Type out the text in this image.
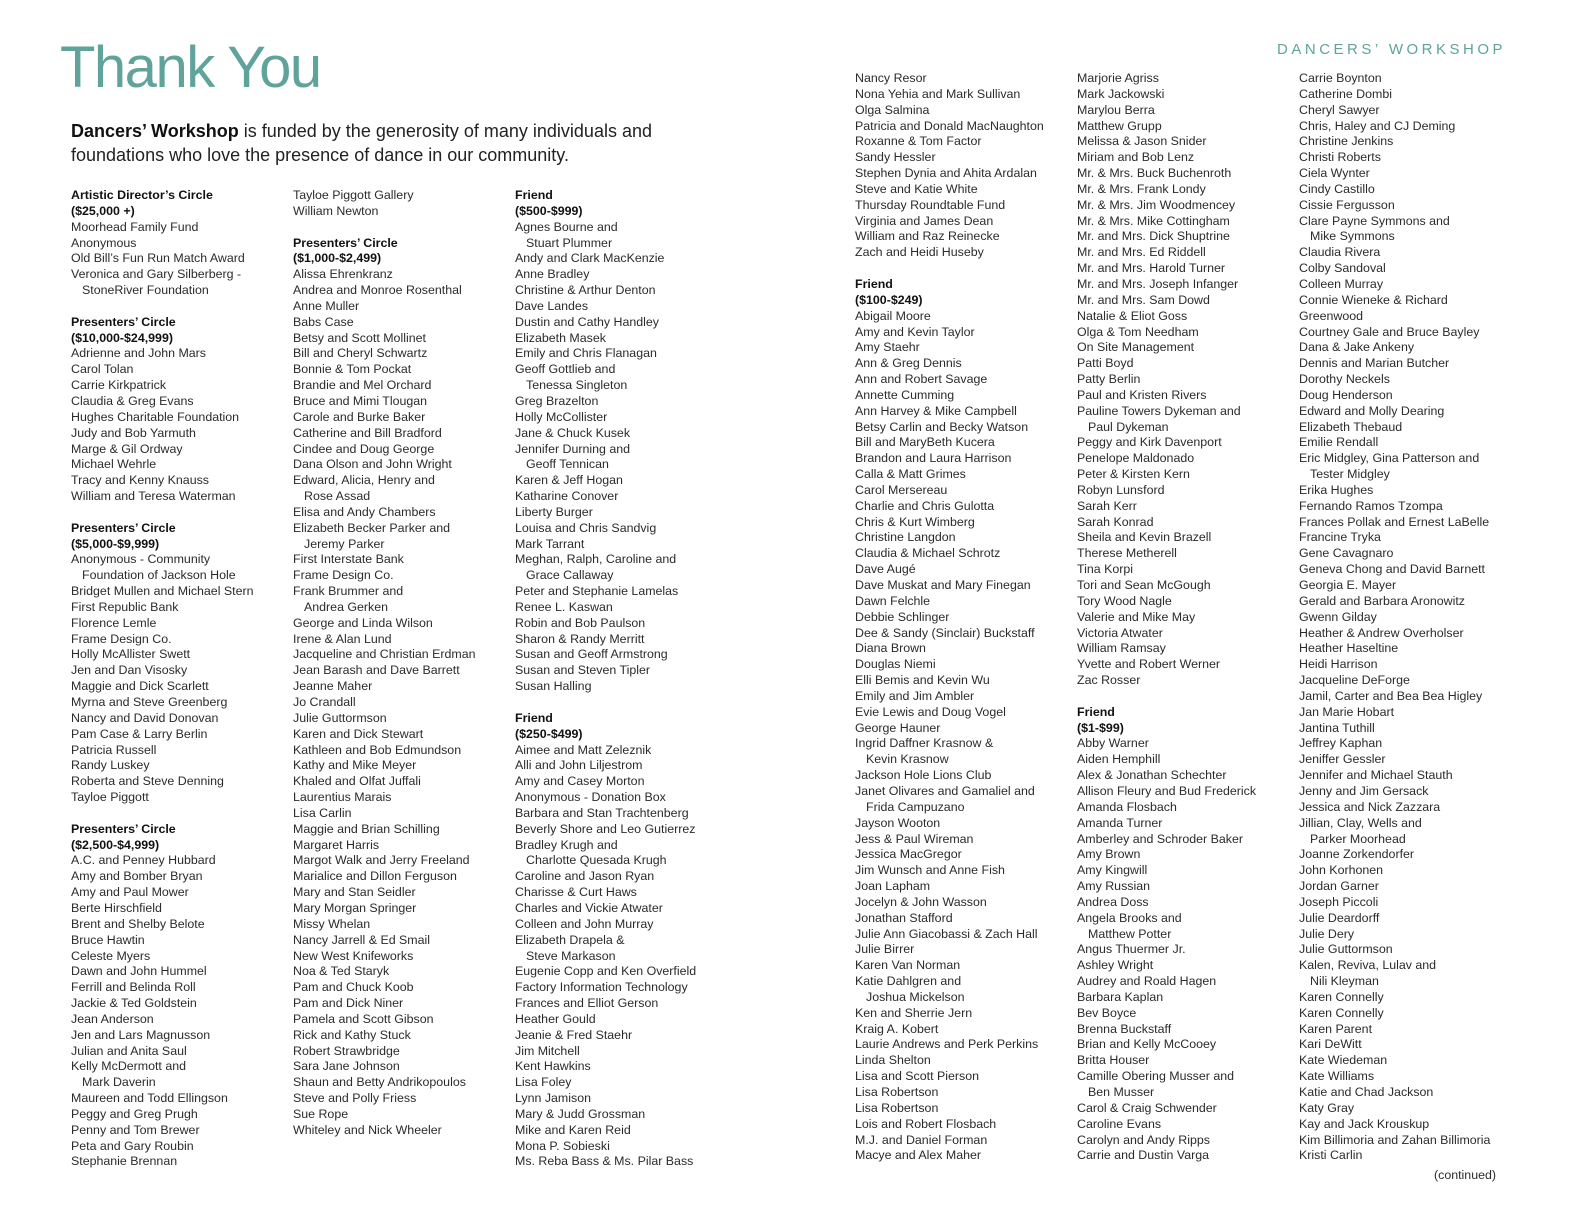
Thank You	DANCERS’ WORKSHOP

Dancers’ Workshop is funded by the generosity of many individuals and foundations who love the presence of dance in our community.

Artistic Director’s Circle
($25,000 +)
Moorhead Family Fund
Anonymous
Old Bill’s Fun Run Match Award
Veronica and Gary Silberberg -
StoneRiver Foundation
Presenters’ Circle
($10,000-$24,999)
Adrienne and John Mars
Carol Tolan
Carrie Kirkpatrick
Claudia & Greg Evans
Hughes Charitable Foundation
Judy and Bob Yarmuth
Marge & Gil Ordway
Michael Wehrle
Tracy and Kenny Knauss
William and Teresa Waterman
Presenters’ Circle
($5,000-$9,999)
Anonymous - Community
Foundation of Jackson Hole
Bridget Mullen and Michael Stern
First Republic Bank
Florence Lemle
Frame Design Co.
Holly McAllister Swett
Jen and Dan Visosky
Maggie and Dick Scarlett
Myrna and Steve Greenberg
Nancy and David Donovan
Pam Case & Larry Berlin
Patricia Russell
Randy Luskey
Roberta and Steve Denning
Tayloe Piggott
Presenters’ Circle
($2,500-$4,999)
A.C. and Penney Hubbard
Amy and Bomber Bryan
Amy and Paul Mower
Berte Hirschfield
Brent and Shelby Belote
Bruce Hawtin
Celeste Myers
Dawn and John Hummel
Ferrill and Belinda Roll
Jackie & Ted Goldstein
Jean Anderson
Jen and Lars Magnusson
Julian and Anita Saul
Kelly McDermott and
Mark Daverin
Maureen and Todd Ellingson
Peggy and Greg Prugh
Penny and Tom Brewer
Peta and Gary Roubin
Stephanie Brennan
Tayloe Piggott Gallery
William Newton
Presenters’ Circle
($1,000-$2,499)
Alissa Ehrenkranz
Andrea and Monroe Rosenthal
Anne Muller
Babs Case
Betsy and Scott Mollinet
Bill and Cheryl Schwartz
Bonnie & Tom Pockat
Brandie and Mel Orchard
Bruce and Mimi Tlougan
Carole and Burke Baker
Catherine and Bill Bradford
Cindee and Doug George
Dana Olson and John Wright
Edward, Alicia, Henry and
Rose Assad
Elisa and Andy Chambers
Elizabeth Becker Parker and
Jeremy Parker
First Interstate Bank
Frame Design Co.
Frank Brummer and
Andrea Gerken
George and Linda Wilson
Irene & Alan Lund
Jacqueline and Christian Erdman
Jean Barash and Dave Barrett
Jeanne Maher
Jo Crandall
Julie Guttormson
Karen and Dick Stewart
Kathleen and Bob Edmundson
Kathy and Mike Meyer
Khaled and Olfat Juffali
Laurentius Marais
Lisa Carlin
Maggie and Brian Schilling
Margaret Harris
Margot Walk and Jerry Freeland
Marialice and Dillon Ferguson
Mary and Stan Seidler
Mary Morgan Springer
Missy Whelan
Nancy Jarrell & Ed Smail
New West Knifeworks
Noa & Ted Staryk
Pam and Chuck Koob
Pam and Dick Niner
Pamela and Scott Gibson
Rick and Kathy Stuck
Robert Strawbridge
Sara Jane Johnson
Shaun and Betty Andrikopoulos
Steve and Polly Friess
Sue Rope
Whiteley and Nick Wheeler
Friend
($500-$999)
Agnes Bourne and
Stuart Plummer
Andy and Clark MacKenzie
Anne Bradley
Christine & Arthur Denton
Dave Landes
Dustin and Cathy Handley
Elizabeth Masek
Emily and Chris Flanagan
Geoff Gottlieb and
Tenessa Singleton
Greg Brazelton
Holly McCollister
Jane & Chuck Kusek
Jennifer Durning and
Geoff Tennican
Karen & Jeff Hogan
Katharine Conover
Liberty Burger
Louisa and Chris Sandvig
Mark Tarrant
Meghan, Ralph, Caroline and
Grace Callaway
Peter and Stephanie Lamelas
Renee L. Kaswan
Robin and Bob Paulson
Sharon & Randy Merritt
Susan and Geoff Armstrong
Susan and Steven Tipler
Susan Halling
Friend
($250-$499)
Aimee and Matt Zeleznik
Alli and John Liljestrom
Amy and Casey Morton
Anonymous - Donation Box
Barbara and Stan Trachtenberg
Beverly Shore and Leo Gutierrez
Bradley Krugh and
Charlotte Quesada Krugh
Caroline and Jason Ryan
Charisse & Curt Haws
Charles and Vickie Atwater
Colleen and John Murray
Elizabeth Drapela &
Steve Markason
Eugenie Copp and Ken Overfield
Factory Information Technology
Frances and Elliot Gerson
Heather Gould
Jeanie & Fred Staehr
Jim Mitchell
Kent Hawkins
Lisa Foley
Lynn Jamison
Mary & Judd Grossman
Mike and Karen Reid
Mona P. Sobieski
Ms. Reba Bass & Ms. Pilar Bass
Nancy Resor
Nona Yehia and Mark Sullivan
Olga Salmina
Patricia and Donald MacNaughton
Roxanne & Tom Factor
Sandy Hessler
Stephen Dynia and Ahita Ardalan
Steve and Katie White
Thursday Roundtable Fund
Virginia and James Dean
William and Raz Reinecke
Zach and Heidi Huseby
Friend
($100-$249)
Abigail Moore
Amy and Kevin Taylor
Amy Staehr
Ann & Greg Dennis
Ann and Robert Savage
Annette Cumming
Ann Harvey & Mike Campbell
Betsy Carlin and Becky Watson
Bill and MaryBeth Kucera
Brandon and Laura Harrison
Calla & Matt Grimes
Carol Mersereau
Charlie and Chris Gulotta
Chris & Kurt Wimberg
Christine Langdon
Claudia & Michael Schrotz
Dave Augé
Dave Muskat and Mary Finegan
Dawn Felchle
Debbie Schlinger
Dee & Sandy (Sinclair) Buckstaff
Diana Brown
Douglas Niemi
Elli Bemis and Kevin Wu
Emily and Jim Ambler
Evie Lewis and Doug Vogel
George Hauner
Ingrid Daffner Krasnow &
Kevin Krasnow
Jackson Hole Lions Club
Janet Olivares and Gamaliel and
Frida Campuzano
Jayson Wooton
Jess & Paul Wireman
Jessica MacGregor
Jim Wunsch and Anne Fish
Joan Lapham
Jocelyn & John Wasson
Jonathan Stafford
Julie Ann Giacobassi & Zach Hall
Julie Birrer
Karen Van Norman
Katie Dahlgren and
Joshua Mickelson
Ken and Sherrie Jern
Kraig A. Kobert
Laurie Andrews and Perk Perkins
Linda Shelton
Lisa and Scott Pierson
Lisa Robertson
Lisa Robertson
Lois and Robert Flosbach
M.J. and Daniel Forman
Macye and Alex Maher
Marjorie Agriss
Mark Jackowski
Marylou Berra
Matthew Grupp
Melissa & Jason Snider
Miriam and Bob Lenz
Mr. & Mrs. Buck Buchenroth
Mr. & Mrs. Frank Londy
Mr. & Mrs. Jim Woodmencey
Mr. & Mrs. Mike Cottingham
Mr. and Mrs. Dick Shuptrine
Mr. and Mrs. Ed Riddell
Mr. and Mrs. Harold Turner
Mr. and Mrs. Joseph Infanger
Mr. and Mrs. Sam Dowd
Natalie & Eliot Goss
Olga & Tom Needham
On Site Management
Patti Boyd
Patty Berlin
Paul and Kristen Rivers
Pauline Towers Dykeman and
Paul Dykeman
Peggy and Kirk Davenport
Penelope Maldonado
Peter & Kirsten Kern
Robyn Lunsford
Sarah Kerr
Sarah Konrad
Sheila and Kevin Brazell
Therese Metherell
Tina Korpi
Tori and Sean McGough
Tory Wood Nagle
Valerie and Mike May
Victoria Atwater
William Ramsay
Yvette and Robert Werner
Zac Rosser
Friend
($1-$99)
Abby Warner
Aiden Hemphill
Alex & Jonathan Schechter
Allison Fleury and Bud Frederick
Amanda Flosbach
Amanda Turner
Amberley and Schroder Baker
Amy Brown
Amy Kingwill
Amy Russian
Andrea Doss
Angela Brooks and
Matthew Potter
Angus Thuermer Jr.
Ashley Wright
Audrey and Roald Hagen
Barbara Kaplan
Bev Boyce
Brenna Buckstaff
Brian and Kelly McCooey
Britta Houser
Camille Obering Musser and
Ben Musser
Carol & Craig Schwender
Caroline Evans
Carolyn and Andy Ripps
Carrie and Dustin Varga
Carrie Boynton
Catherine Dombi
Cheryl Sawyer
Chris, Haley and CJ Deming
Christine Jenkins
Christi Roberts
Ciela Wynter
Cindy Castillo
Cissie Fergusson
Clare Payne Symmons and
Mike Symmons
Claudia Rivera
Colby Sandoval
Colleen Murray
Connie Wieneke & Richard
Greenwood
Courtney Gale and Bruce Bayley
Dana & Jake Ankeny
Dennis and Marian Butcher
Dorothy Neckels
Doug Henderson
Edward and Molly Dearing
Elizabeth Thebaud
Emilie Rendall
Eric Midgley, Gina Patterson and
Tester Midgley
Erika Hughes
Fernando Ramos Tzompa
Frances Pollak and Ernest LaBelle
Francine Tryka
Gene Cavagnaro
Geneva Chong and David Barnett
Georgia E. Mayer
Gerald and Barbara Aronowitz
Gwenn Gilday
Heather & Andrew Overholser
Heather Haseltine
Heidi Harrison
Jacqueline DeForge
Jamil, Carter and Bea Bea Higley
Jan Marie Hobart
Jantina Tuthill
Jeffrey Kaphan
Jeniffer Gessler
Jennifer and Michael Stauth
Jenny and Jim Gersack
Jessica and Nick Zazzara
Jillian, Clay, Wells and
Parker Moorhead
Joanne Zorkendorfer
John Korhonen
Jordan Garner
Joseph Piccoli
Julie Deardorff
Julie Dery
Julie Guttormson
Kalen, Reviva, Lulav and
Nili Kleyman
Karen Connelly
Karen Connelly
Karen Parent
Kari DeWitt
Kate Wiedeman
Kate Williams
Katie and Chad Jackson
Katy Gray
Kay and Jack Krouskup
Kim Billimoria and Zahan Billimoria
Kristi Carlin
(continued)
